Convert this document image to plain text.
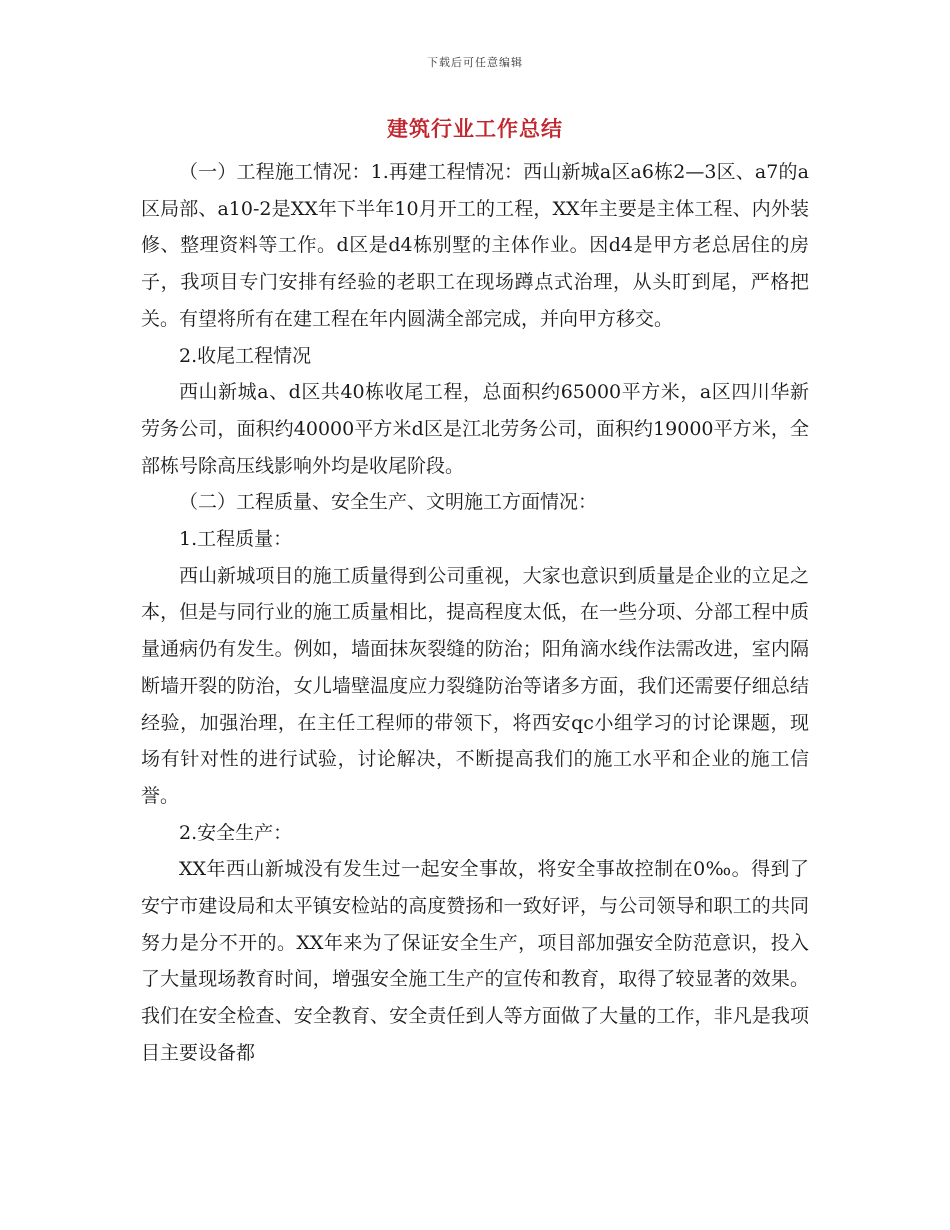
下载后可任意编辑
建筑行业工作总结

（一）工程施工情况：1.再建工程情况：西山新城a区a6栋2—3区、a7的a区局部、a10-2是XX年下半年10月开工的工程，XX年主要是主体工程、内外装修、整理资料等工作。d区是d4栋别墅的主体作业。因d4是甲方老总居住的房子，我项目专门安排有经验的老职工在现场蹲点式治理，从头盯到尾，严格把关。有望将所有在建工程在年内圆满全部完成，并向甲方移交。

2.收尾工程情况

西山新城a、d区共40栋收尾工程，总面积约65000平方米，a区四川华新劳务公司，面积约40000平方米d区是江北劳务公司，面积约19000平方米，全部栋号除高压线影响外均是收尾阶段。

（二）工程质量、安全生产、文明施工方面情况：

1.工程质量：

西山新城项目的施工质量得到公司重视，大家也意识到质量是企业的立足之本，但是与同行业的施工质量相比，提高程度太低，在一些分项、分部工程中质量通病仍有发生。例如，墙面抹灰裂缝的防治；阳角滴水线作法需改进，室内隔断墙开裂的防治，女儿墙壁温度应力裂缝防治等诸多方面，我们还需要仔细总结经验，加强治理，在主任工程师的带领下，将西安qc小组学习的讨论课题，现场有针对性的进行试验，讨论解决，不断提高我们的施工水平和企业的施工信誉。

2.安全生产：

XX年西山新城没有发生过一起安全事故，将安全事故控制在0‰。得到了安宁市建设局和太平镇安检站的高度赞扬和一致好评，与公司领导和职工的共同努力是分不开的。XX年来为了保证安全生产，项目部加强安全防范意识，投入了大量现场教育时间，增强安全施工生产的宣传和教育，取得了较显著的效果。我们在安全检查、安全教育、安全责任到人等方面做了大量的工作，非凡是我项目主要设备都
